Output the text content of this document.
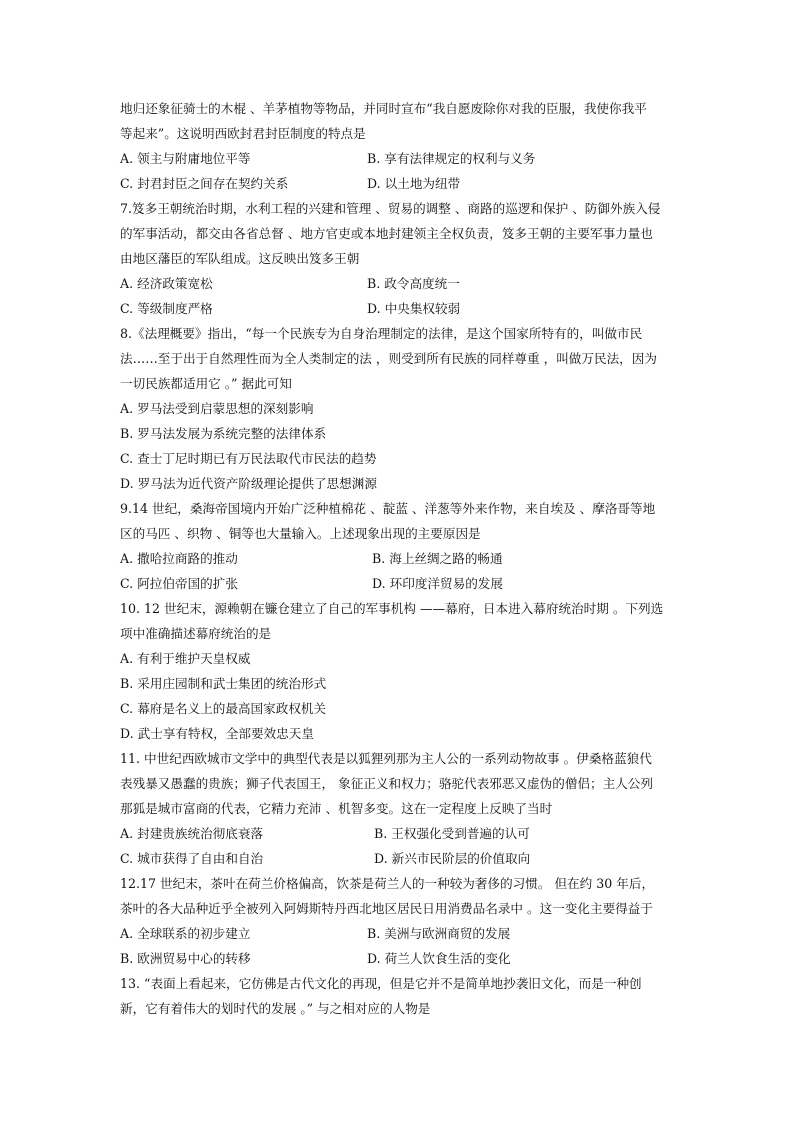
地归还象征骑士的木棍 、羊茅植物等物品，并同时宣布“我自愿废除你对我的臣服，我使你我平
等起来”。这说明西欧封君封臣制度的特点是
A. 领主与附庸地位平等	B. 享有法律规定的权利与义务
C. 封君封臣之间存在契约关系	D. 以土地为纽带
7.笈多王朝统治时期，水利工程的兴建和管理 、贸易的调整 、商路的巡逻和保护 、防御外族入侵
的军事活动，都交由各省总督 、地方官吏或本地封建领主全权负责，笈多王朝的主要军事力量也
由地区藩臣的军队组成。这反映出笈多王朝
A. 经济政策宽松	B. 政令高度统一
C. 等级制度严格	D. 中央集权较弱
8.《法理概要》指出，“每一个民族专为自身治理制定的法律，是这个国家所特有的，叫做市民
法……至于出于自然理性而为全人类制定的法 ，则受到所有民族的同样尊重 ，叫做万民法，因为
一切民族都适用它 。” 据此可知
A. 罗马法受到启蒙思想的深刻影响
B. 罗马法发展为系统完整的法律体系
C. 查士丁尼时期已有万民法取代市民法的趋势
D. 罗马法为近代资产阶级理论提供了思想渊源
9.14 世纪，桑海帝国境内开始广泛种植棉花 、靛蓝 、洋葱等外来作物，来自埃及 、摩洛哥等地
区的马匹 、织物 、铜等也大量输入。上述现象出现的主要原因是
A. 撒哈拉商路的推动	B. 海上丝绸之路的畅通
C. 阿拉伯帝国的扩张	D. 环印度洋贸易的发展
10. 12 世纪末，源赖朝在镰仓建立了自己的军事机构 ——幕府，日本进入幕府统治时期 。下列选
项中准确描述幕府统治的是
A. 有利于维护天皇权威
B. 采用庄园制和武士集团的统治形式
C. 幕府是名义上的最高国家政权机关
D. 武士享有特权，全部要效忠天皇
11. 中世纪西欧城市文学中的典型代表是以狐狸列那为主人公的一系列动物故事 。伊桑格蓝狼代
表残暴又愚蠢的贵族；狮子代表国王， 象征正义和权力；骆驼代表邪恶又虚伪的僧侣；主人公列
那狐是城市富商的代表，它精力充沛 、机智多变。这在一定程度上反映了当时
A. 封建贵族统治彻底衰落	B. 王权强化受到普遍的认可
C. 城市获得了自由和自治	D. 新兴市民阶层的价值取向
12.17 世纪末，茶叶在荷兰价格偏高，饮茶是荷兰人的一种较为奢侈的习惯。 但在约 30 年后，
茶叶的各大品种近乎全被列入阿姆斯特丹西北地区居民日用消费品名录中 。这一变化主要得益于
A. 全球联系的初步建立	B. 美洲与欧洲商贸的发展
B. 欧洲贸易中心的转移	D. 荷兰人饮食生活的变化
13. “表面上看起来，它仿佛是古代文化的再现，但是它并不是简单地抄袭旧文化，而是一种创
新，它有着伟大的划时代的发展 。” 与之相对应的人物是
